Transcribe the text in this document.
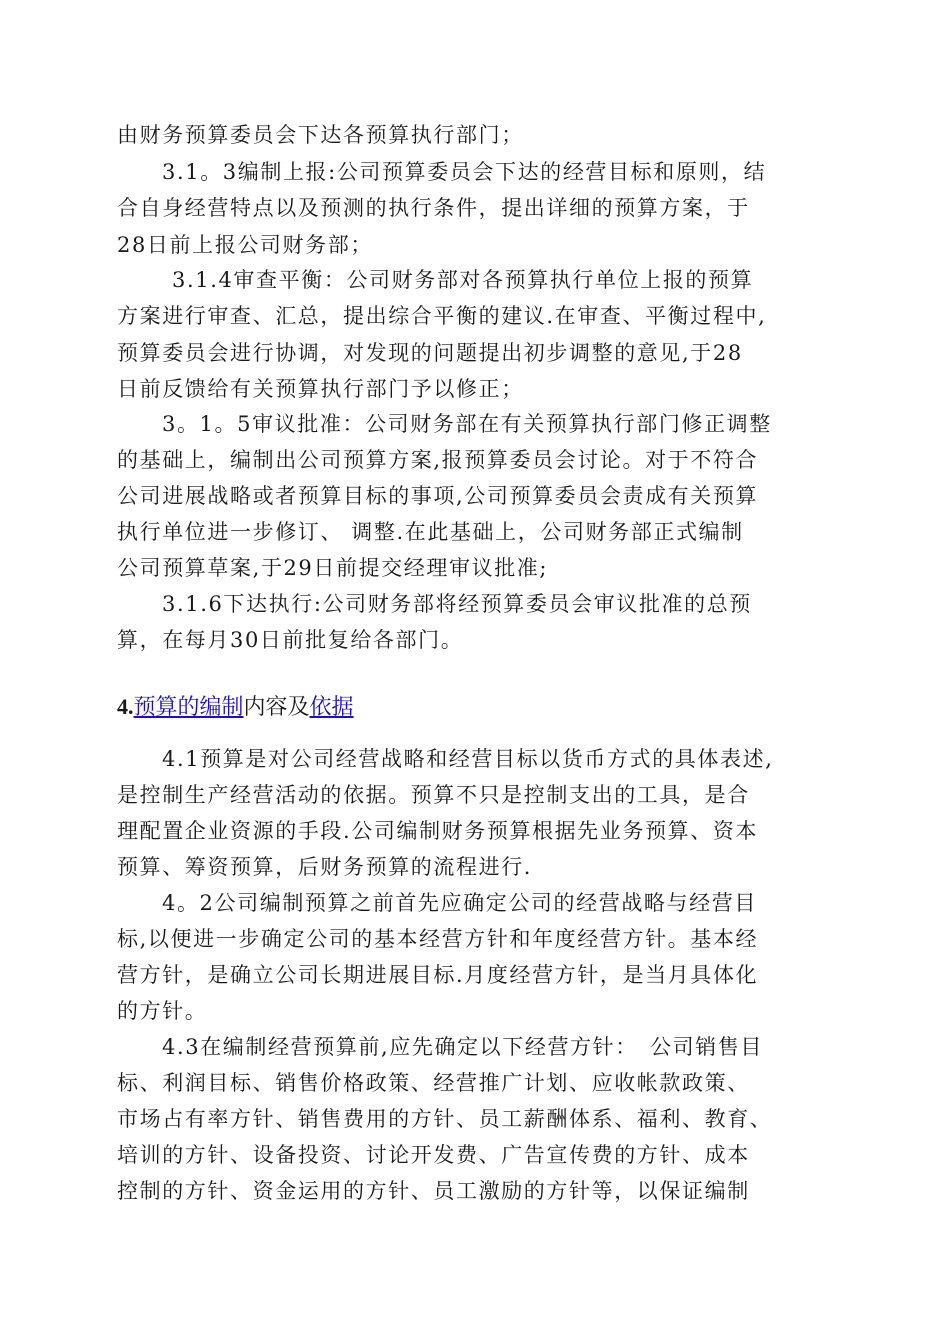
由财务预算委员会下达各预算执行部门；
3.1。3编制上报:公司预算委员会下达的经营目标和原则，结
合自身经营特点以及预测的执行条件，提出详细的预算方案，于
28日前上报公司财务部；
3.1.4审查平衡：公司财务部对各预算执行单位上报的预算
方案进行审查、汇总，提出综合平衡的建议.在审查、平衡过程中,
预算委员会进行协调，对发现的问题提出初步调整的意见,于28
日前反馈给有关预算执行部门予以修正；
3。1。5审议批准：公司财务部在有关预算执行部门修正调整
的基础上，编制出公司预算方案,报预算委员会讨论。对于不符合
公司进展战略或者预算目标的事项,公司预算委员会责成有关预算
执行单位进一步修订、 调整.在此基础上，公司财务部正式编制
公司预算草案,于29日前提交经理审议批准;
3.1.6下达执行:公司财务部将经预算委员会审议批准的总预
算，在每月30日前批复给各部门。
4.预算的编制内容及依据
4.1预算是对公司经营战略和经营目标以货币方式的具体表述,
是控制生产经营活动的依据。预算不只是控制支出的工具，是合
理配置企业资源的手段.公司编制财务预算根据先业务预算、资本
预算、筹资预算，后财务预算的流程进行.
4。2公司编制预算之前首先应确定公司的经营战略与经营目
标,以便进一步确定公司的基本经营方针和年度经营方针。基本经
营方针，是确立公司长期进展目标.月度经营方针，是当月具体化
的方针。
4.3在编制经营预算前,应先确定以下经营方针：　公司销售目
标、利润目标、销售价格政策、经营推广计划、应收帐款政策、
市场占有率方针、销售费用的方针、员工薪酬体系、福利、教育、
培训的方针、设备投资、讨论开发费、广告宣传费的方针、成本
控制的方针、资金运用的方针、员工激励的方针等，以保证编制
